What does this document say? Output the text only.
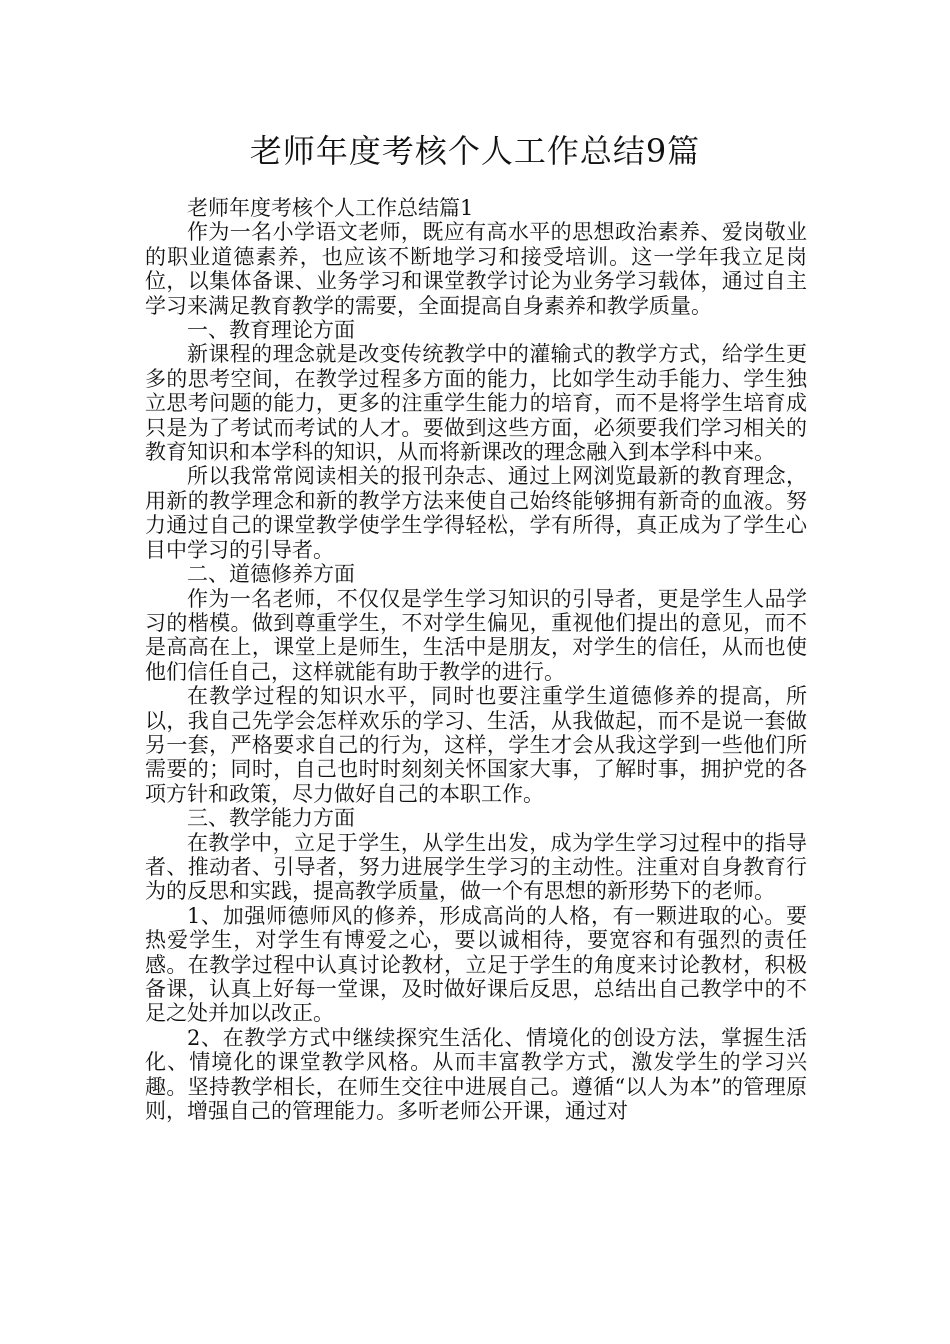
老师年度考核个人工作总结9篇

老师年度考核个人工作总结篇1

作为一名小学语文老师，既应有高水平的思想政治素养、爱岗敬业的职业道德素养，也应该不断地学习和接受培训。这一学年我立足岗位，以集体备课、业务学习和课堂教学讨论为业务学习载体，通过自主学习来满足教育教学的需要，全面提高自身素养和教学质量。

一、教育理论方面

新课程的理念就是改变传统教学中的灌输式的教学方式，给学生更多的思考空间，在教学过程多方面的能力，比如学生动手能力、学生独立思考问题的能力，更多的注重学生能力的培育，而不是将学生培育成只是为了考试而考试的人才。要做到这些方面，必须要我们学习相关的教育知识和本学科的知识，从而将新课改的理念融入到本学科中来。

所以我常常阅读相关的报刊杂志、通过上网浏览最新的教育理念，用新的教学理念和新的教学方法来使自己始终能够拥有新奇的血液。努力通过自己的课堂教学使学生学得轻松，学有所得，真正成为了学生心目中学习的引导者。

二、道德修养方面

作为一名老师，不仅仅是学生学习知识的引导者，更是学生人品学习的楷模。做到尊重学生，不对学生偏见，重视他们提出的意见，而不是高高在上，课堂上是师生，生活中是朋友，对学生的信任，从而也使他们信任自己，这样就能有助于教学的进行。

在教学过程的知识水平，同时也要注重学生道德修养的提高，所以，我自己先学会怎样欢乐的学习、生活，从我做起，而不是说一套做另一套，严格要求自己的行为，这样，学生才会从我这学到一些他们所需要的；同时，自己也时时刻刻关怀国家大事，了解时事，拥护党的各项方针和政策，尽力做好自己的本职工作。

三、教学能力方面

在教学中，立足于学生，从学生出发，成为学生学习过程中的指导者、推动者、引导者，努力进展学生学习的主动性。注重对自身教育行为的反思和实践，提高教学质量，做一个有思想的新形势下的老师。

1、加强师德师风的修养，形成高尚的人格，有一颗进取的心。要热爱学生，对学生有博爱之心，要以诚相待，要宽容和有强烈的责任感。在教学过程中认真讨论教材，立足于学生的角度来讨论教材，积极备课，认真上好每一堂课，及时做好课后反思，总结出自己教学中的不足之处并加以改正。

2、在教学方式中继续探究生活化、情境化的创设方法，掌握生活化、情境化的课堂教学风格。从而丰富教学方式，激发学生的学习兴趣。坚持教学相长，在师生交往中进展自己。遵循“以人为本”的管理原则，增强自己的管理能力。多听老师公开课，通过对
